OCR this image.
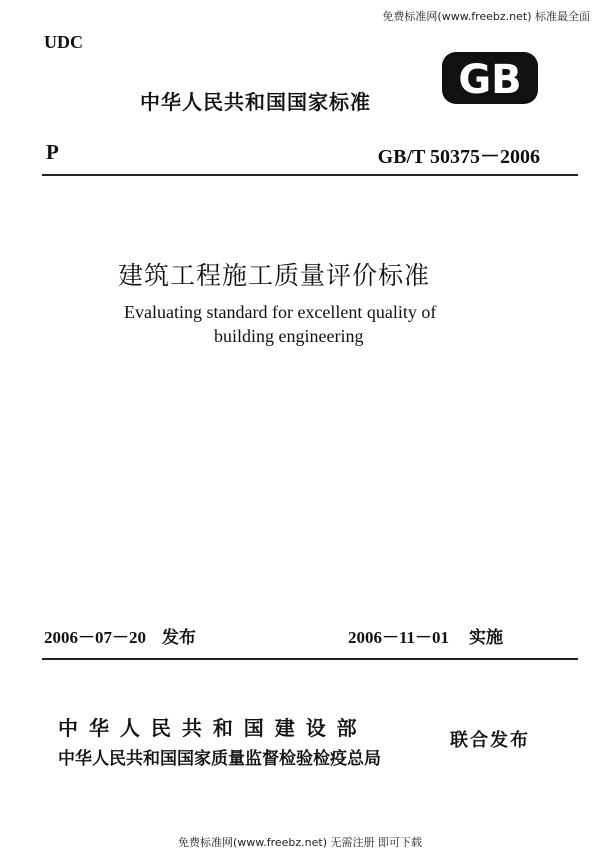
免费标准网(www.freebz.net) 标准最全面
UDC
中华人民共和国国家标准 GB
P	GB/T 50375－2006
建筑工程施工质量评价标准
Evaluating standard for excellent quality of
building engineering
2006－07－20 发布	2006－11－01 实施
中 华 人 民 共 和 国 建 设 部
中华人民共和国国家质量监督检验检疫总局
联合发布
免费标准网(www.freebz.net) 无需注册 即可下载
